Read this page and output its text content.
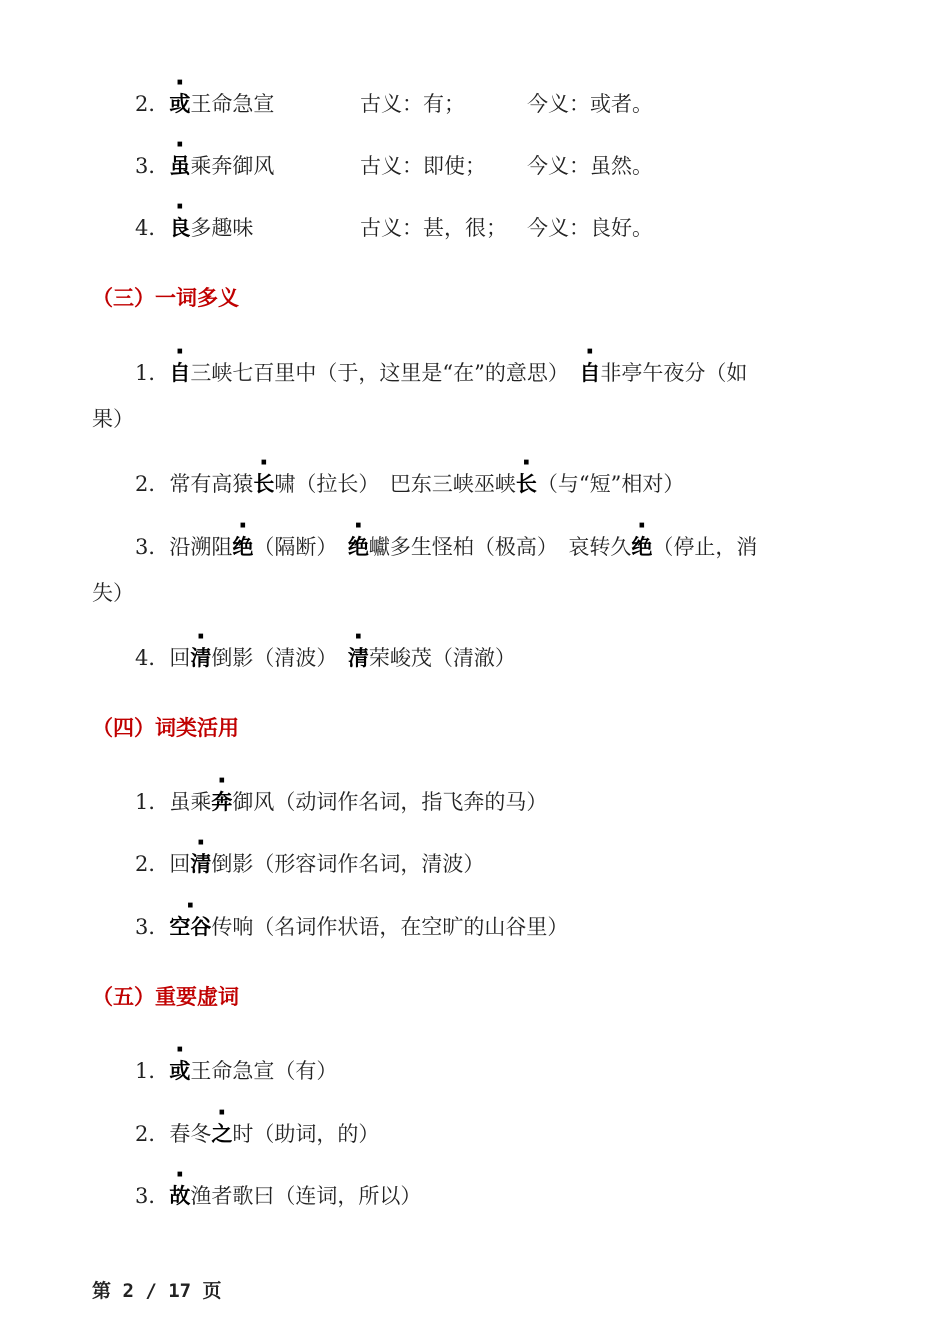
2．或王命急宣	古义：有；	今义：或者。
3．虽乘奔御风	古义：即使； 今义：虽然。
4．良多趣味	古义：甚，很； 今义：良好。
（三）一词多义
1．自三峡七百里中（于，这里是“在”的意思）　 自非亭午夜分（如
果）
2．常有高猿长啸（拉长）　巴东三峡巫峡长（与“短”相对）
3．沿溯阻绝（隔断）　绝巘多生怪柏（极高）　哀转久绝（停止，消
失）
4．回清倒影（清波）　清荣峻茂（清澈）
（四）词类活用
1．虽乘奔御风（动词作名词，指飞奔的马）
2．回清倒影（形容词作名词，清波）
3．空谷传响（名词作状语，在空旷的山谷里）
（五）重要虚词
1．或王命急宣（有）
2．春冬之时（助词，的）
3．故渔者歌曰（连词，所以）
第 2 / 17 页
